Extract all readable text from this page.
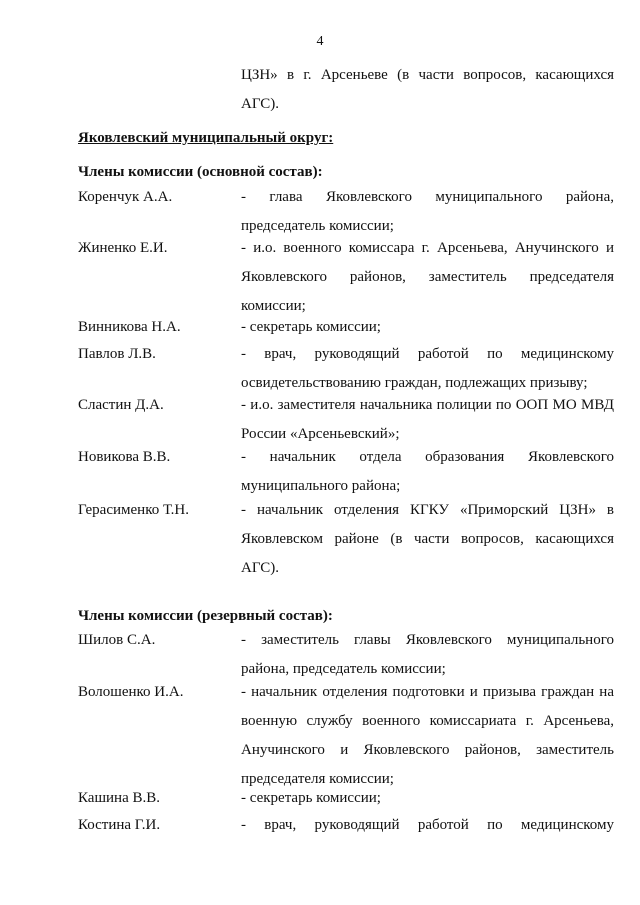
4
ЦЗН» в г. Арсеньеве (в части вопросов, касающихся АГС).
Яковлевский муниципальный округ:
Члены комиссии (основной состав):
Коренчук А.А.	- глава Яковлевского муниципального района, председатель комиссии;
Жиненко Е.И.	- и.о. военного комиссара г. Арсеньева, Анучинского и Яковлевского районов, заместитель председателя комиссии;
Винникова Н.А.	- секретарь комиссии;
Павлов Л.В.	- врач, руководящий работой по медицинскому освидетельствованию граждан, подлежащих призыву;
Сластин Д.А.	- и.о. заместителя начальника полиции по ООП МО МВД России «Арсеньевский»;
Новикова В.В.	- начальник отдела образования Яковлевского муниципального района;
Герасименко Т.Н.	- начальник отделения КГКУ «Приморский ЦЗН» в Яковлевском районе (в части вопросов, касающихся АГС).
Члены комиссии (резервный состав):
Шилов С.А.	- заместитель главы Яковлевского муниципального района, председатель комиссии;
Волошенко И.А.	- начальник отделения подготовки и призыва граждан на военную службу военного комиссариата г. Арсеньева, Анучинского и Яковлевского районов, заместитель председателя комиссии;
Кашина В.В.	- секретарь комиссии;
Костина Г.И.	- врач, руководящий работой по медицинскому
